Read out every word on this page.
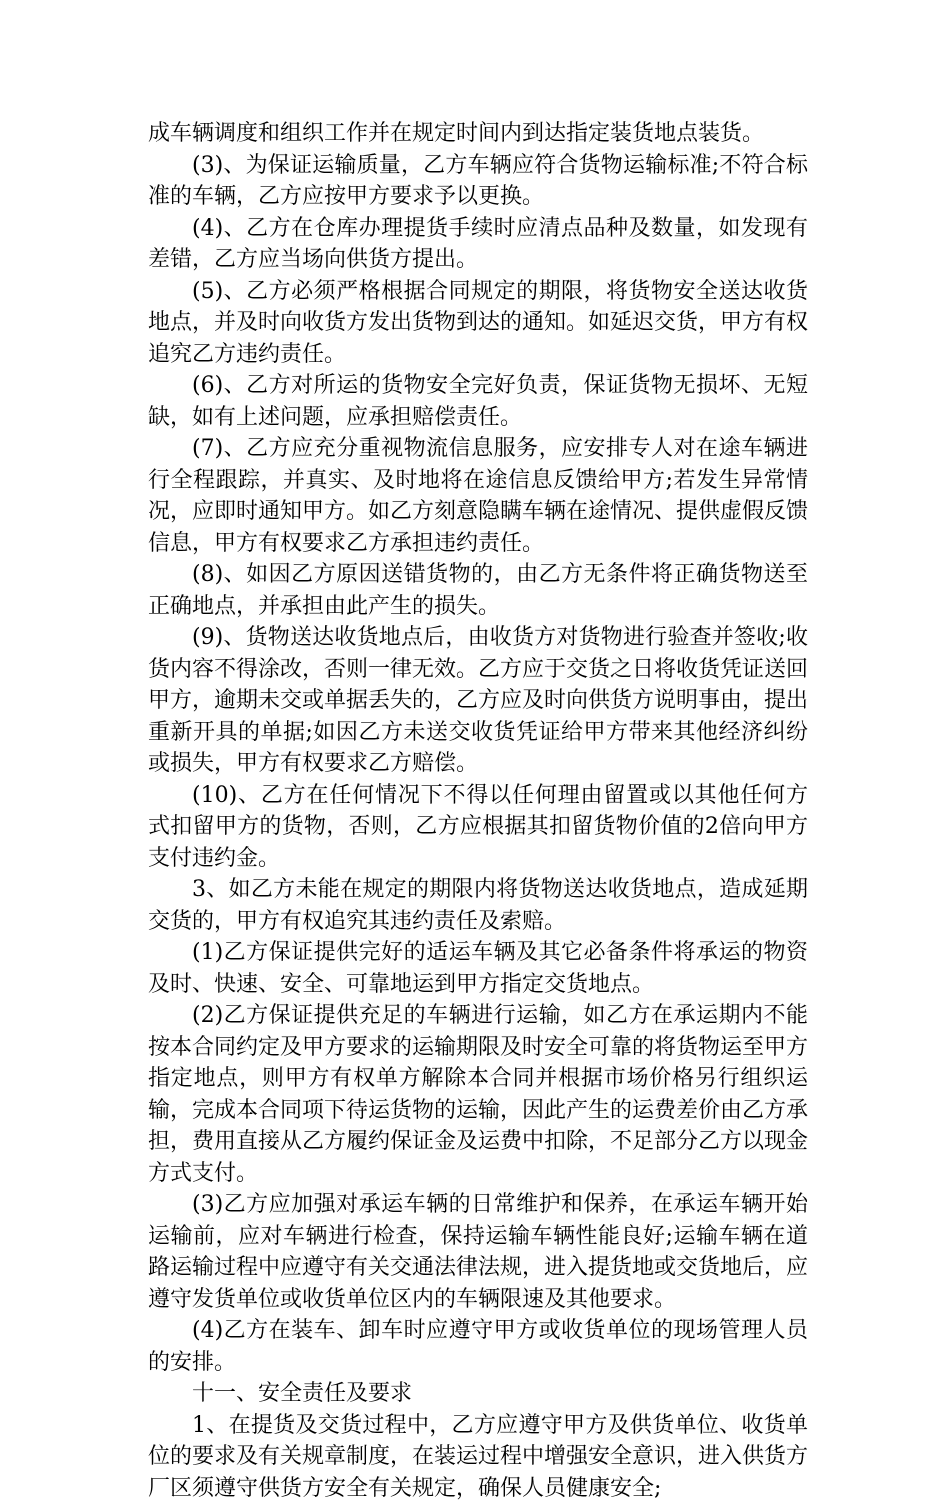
成车辆调度和组织工作并在规定时间内到达指定装货地点装货。

(3)、为保证运输质量，乙方车辆应符合货物运输标准;不符合标准的车辆，乙方应按甲方要求予以更换。

(4)、乙方在仓库办理提货手续时应清点品种及数量，如发现有差错，乙方应当场向供货方提出。

(5)、乙方必须严格根据合同规定的期限，将货物安全送达收货地点，并及时向收货方发出货物到达的通知。如延迟交货，甲方有权追究乙方违约责任。

(6)、乙方对所运的货物安全完好负责，保证货物无损坏、无短缺，如有上述问题，应承担赔偿责任。

(7)、乙方应充分重视物流信息服务，应安排专人对在途车辆进行全程跟踪，并真实、及时地将在途信息反馈给甲方;若发生异常情况，应即时通知甲方。如乙方刻意隐瞒车辆在途情况、提供虚假反馈信息，甲方有权要求乙方承担违约责任。

(8)、如因乙方原因送错货物的，由乙方无条件将正确货物送至正确地点，并承担由此产生的损失。

(9)、货物送达收货地点后，由收货方对货物进行验查并签收;收货内容不得涂改，否则一律无效。乙方应于交货之日将收货凭证送回甲方，逾期未交或单据丢失的，乙方应及时向供货方说明事由，提出重新开具的单据;如因乙方未送交收货凭证给甲方带来其他经济纠纷或损失，甲方有权要求乙方赔偿。

(10)、乙方在任何情况下不得以任何理由留置或以其他任何方式扣留甲方的货物，否则，乙方应根据其扣留货物价值的2倍向甲方支付违约金。

3、如乙方未能在规定的期限内将货物送达收货地点，造成延期交货的，甲方有权追究其违约责任及索赔。

(1)乙方保证提供完好的适运车辆及其它必备条件将承运的物资及时、快速、安全、可靠地运到甲方指定交货地点。

(2)乙方保证提供充足的车辆进行运输，如乙方在承运期内不能按本合同约定及甲方要求的运输期限及时安全可靠的将货物运至甲方指定地点，则甲方有权单方解除本合同并根据市场价格另行组织运输，完成本合同项下待运货物的运输，因此产生的运费差价由乙方承担，费用直接从乙方履约保证金及运费中扣除，不足部分乙方以现金方式支付。

(3)乙方应加强对承运车辆的日常维护和保养，在承运车辆开始运输前，应对车辆进行检查，保持运输车辆性能良好;运输车辆在道路运输过程中应遵守有关交通法律法规，进入提货地或交货地后，应遵守发货单位或收货单位区内的车辆限速及其他要求。

(4)乙方在装车、卸车时应遵守甲方或收货单位的现场管理人员的安排。

十一、安全责任及要求

1、在提货及交货过程中，乙方应遵守甲方及供货单位、收货单位的要求及有关规章制度，在装运过程中增强安全意识，进入供货方厂区须遵守供货方安全有关规定，确保人员健康安全;
